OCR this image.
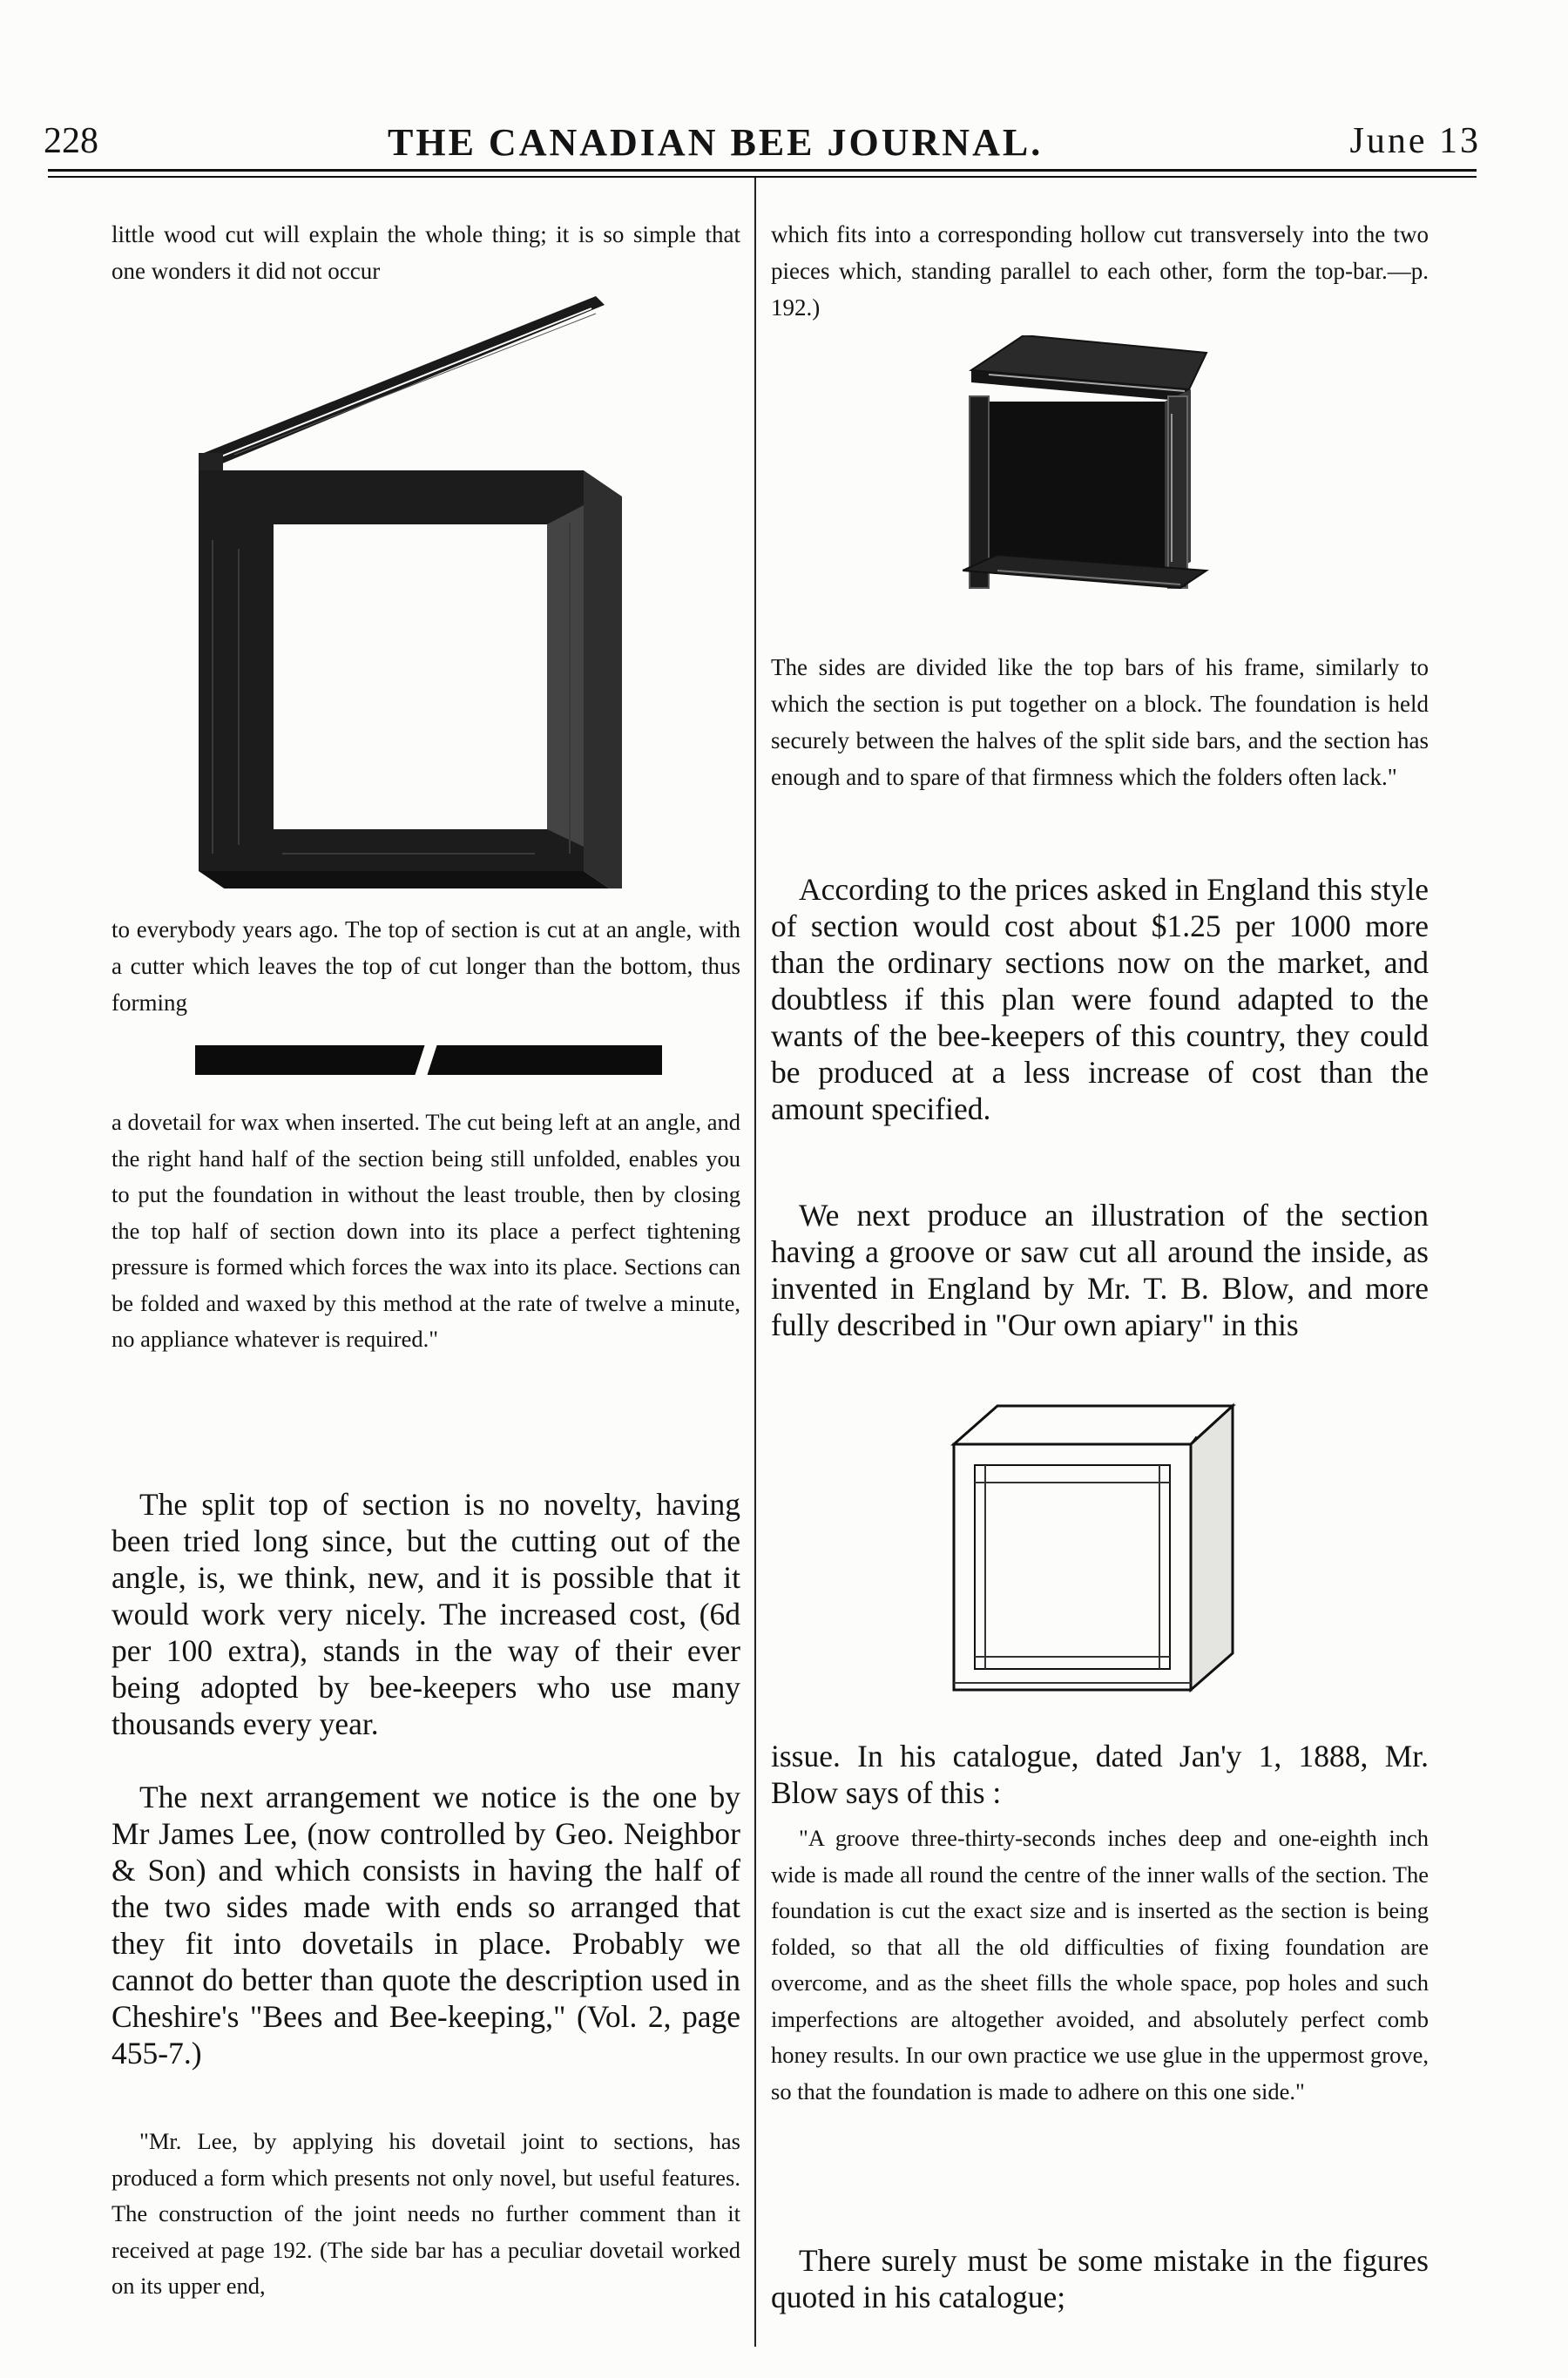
228	THE CANADIAN BEE JOURNAL.	June 13

little wood cut will explain the whole thing; it is so simple that one wonders it did not occur

to everybody years ago. The top of section is cut at an angle, with a cutter which leaves the top of cut longer than the bottom, thus forming

a dovetail for wax when inserted. The cut being left at an angle, and the right hand half of the section being still unfolded, enables you to put the foundation in without the least trouble, then by closing the top half of section down into its place a perfect tightening pressure is formed which forces the wax into its place. Sections can be folded and waxed by this method at the rate of twelve a minute, no appliance whatever is required."

The split top of section is no novelty, having been tried long since, but the cutting out of the angle, is, we think, new, and it is possible that it would work very nicely. The increased cost, (6d per 100 extra), stands in the way of their ever being adopted by bee-keepers who use many thousands every year.

The next arrangement we notice is the one by Mr James Lee, (now controlled by Geo. Neighbor & Son) and which consists in having the half of the two sides made with ends so arranged that they fit into dovetails in place. Probably we cannot do better than quote the description used in Cheshire's "Bees and Bee-keeping," (Vol. 2, page 455-7.)

"Mr. Lee, by applying his dovetail joint to sections, has produced a form which presents not only novel, but useful features. The construction of the joint needs no further comment than it received at page 192. (The side bar has a peculiar dovetail worked on its upper end,

which fits into a corresponding hollow cut transversely into the two pieces which, standing parallel to each other, form the top-bar.—p. 192.)

The sides are divided like the top bars of his frame, similarly to which the section is put together on a block. The foundation is held securely between the halves of the split side bars, and the section has enough and to spare of that firmness which the folders often lack."

According to the prices asked in England this style of section would cost about $1.25 per 1000 more than the ordinary sections now on the market, and doubtless if this plan were found adapted to the wants of the bee-keepers of this country, they could be produced at a less increase of cost than the amount specified.

We next produce an illustration of the section having a groove or saw cut all around the inside, as invented in England by Mr. T. B. Blow, and more fully described in "Our own apiary" in this

issue. In his catalogue, dated Jan'y 1, 1888, Mr. Blow says of this :

"A groove three-thirty-seconds inches deep and one-eighth inch wide is made all round the centre of the inner walls of the section. The foundation is cut the exact size and is inserted as the section is being folded, so that all the old difficulties of fixing foundation are overcome, and as the sheet fills the whole space, pop holes and such imperfections are altogether avoided, and absolutely perfect comb honey results. In our own practice we use glue in the uppermost grove, so that the foundation is made to adhere on this one side."

There surely must be some mistake in the figures quoted in his catalogue;
